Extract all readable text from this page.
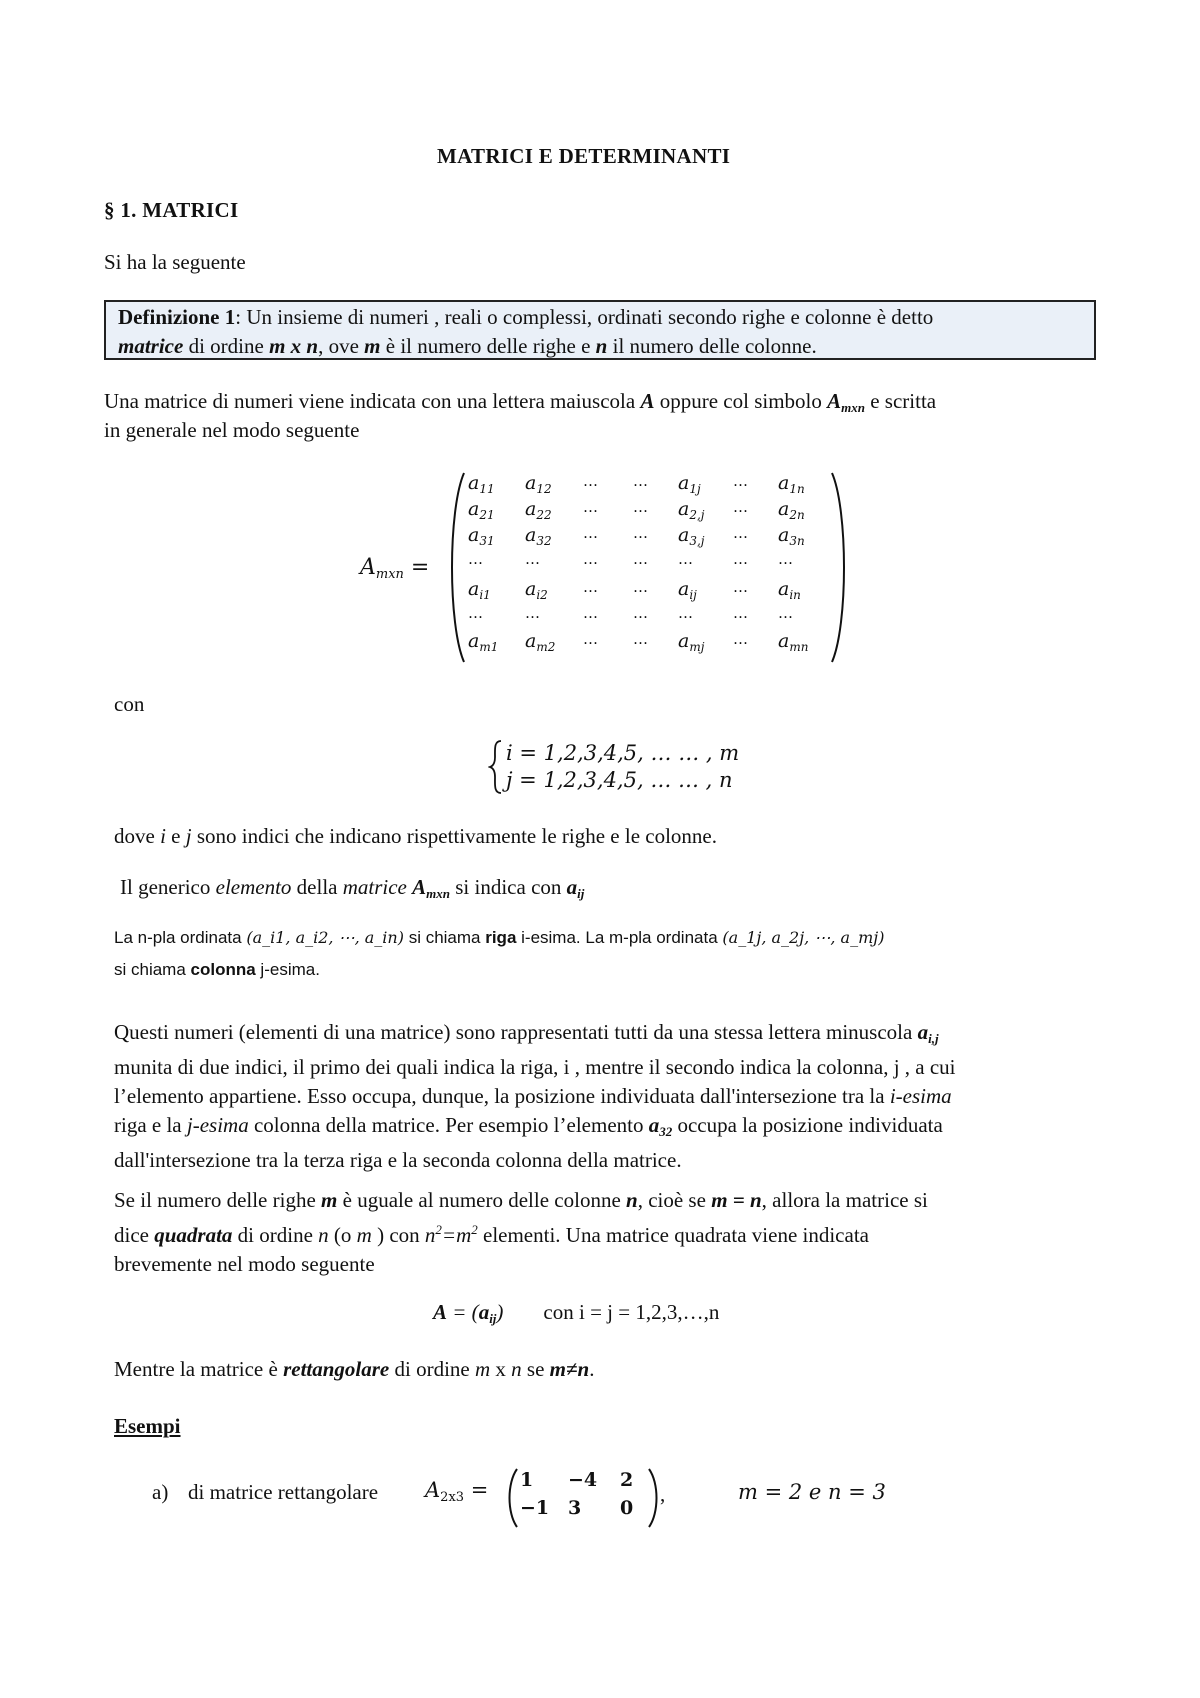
MATRICI E DETERMINANTI
§ 1. MATRICI
Si ha la seguente
Definizione 1: Un insieme di numeri , reali o complessi, ordinati secondo righe e colonne è detto
matrice di ordine m x n, ove m è il numero delle righe e n il numero delle colonne.
Una matrice di numeri viene indicata con una lettera maiuscola A oppure col simbolo $A_{mxn}$ e scritta
in generale nel modo seguente
$A_{mxn}$ =
$a_{11}$ $a_{12}$ … … $a_{1j}$ … $a_{1n}$
$a_{21}$ $a_{22}$ … … $a_{2,j}$ … $a_{2n}$
$a_{31}$ $a_{32}$ … … $a_{3,j}$ … $a_{3n}$
…	…	… … …	… …
$a_{i1}$ $a_{i2}$ … … $a_{ij}$ … $a_{in}$
…	…	… … …	… …
$a_{m1}$ $a_{m2}$ … … $a_{mj}$ … $a_{mn}$
con
i = 1,2,3,4,5, … … , m
j = 1,2,3,4,5, … … , n
dove i e j sono indici che indicano rispettivamente le righe e le colonne.
Il generico elemento della matrice $A_{mxn}$ si indica con $a_{ij}$
La n-pla ordinata (a_i1, a_i2, ⋯, a_in) si chiama riga i-esima. La m-pla ordinata (a_1j, a_2j, ⋯, a_mj)
si chiama colonna j-esima.
Questi numeri (elementi di una matrice) sono rappresentati tutti da una stessa lettera minuscola $a_{i,j}$
munita di due indici, il primo dei quali indica la riga, i , mentre il secondo indica la colonna, j , a cui
l’elemento appartiene. Esso occupa, dunque, la posizione individuata dall'intersezione tra la i-esima
riga e la j-esima colonna della matrice. Per esempio l’elemento $a_{32}$ occupa la posizione individuata
dall'intersezione tra la terza riga e la seconda colonna della matrice.
Se il numero delle righe m è uguale al numero delle colonne n, cioè se m = n, allora la matrice si
dice quadrata di ordine n (o m ) con $n^2=m^2$ elementi. Una matrice quadrata viene indicata
brevemente nel modo seguente
$A = (a_{ij})$ con i = j = 1,2,3,…,n
Mentre la matrice è rettangolare di ordine m x n se m≠n.
Esempi
a) di matrice rettangolare $A_{2x3} = 1 -4$ 2
−1 3 0
,	m = 2 e n = 3
